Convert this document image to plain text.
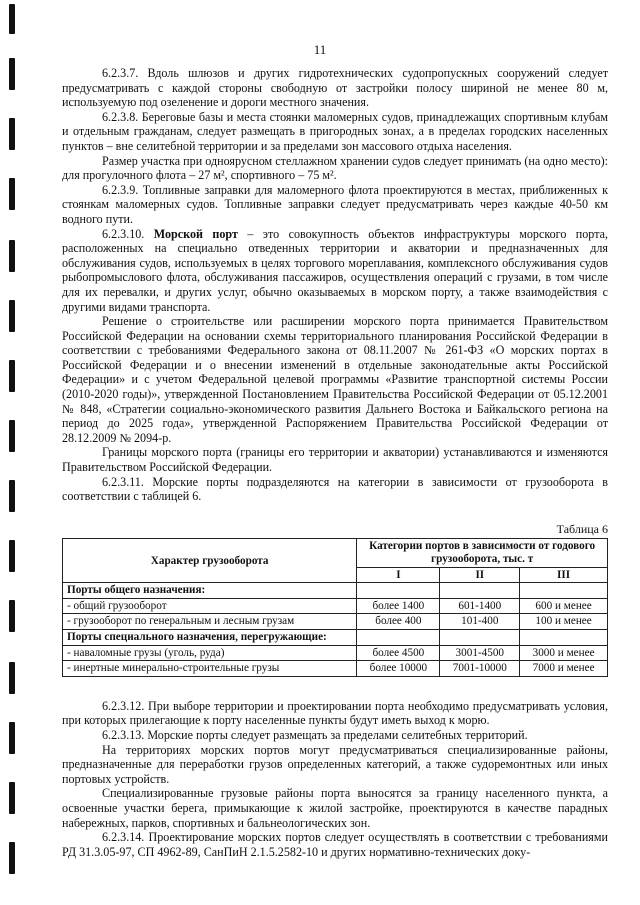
11

6.2.3.7. Вдоль шлюзов и других гидротехнических судопропускных сооружений следует предусматривать с каждой стороны свободную от застройки полосу шириной не менее 80 м, используемую под озеленение и дороги местного значения.

6.2.3.8. Береговые базы и места стоянки маломерных судов, принадлежащих спортивным клубам и отдельным гражданам, следует размещать в пригородных зонах, а в пределах городских населенных пунктов – вне селитебной территории и за пределами зон массового отдыха населения.

Размер участка при одноярусном стеллажном хранении судов следует принимать (на одно место): для прогулочного флота – 27 м², спортивного – 75 м².

6.2.3.9. Топливные заправки для маломерного флота проектируются в местах, приближенных к стоянкам маломерных судов. Топливные заправки следует предусматривать через каждые 40-50 км водного пути.

6.2.3.10. Морской порт – это совокупность объектов инфраструктуры морского порта, расположенных на специально отведенных территории и акватории и предназначенных для обслуживания судов, используемых в целях торгового мореплавания, комплексного обслуживания судов рыбопромыслового флота, обслуживания пассажиров, осуществления операций с грузами, в том числе для их перевалки, и других услуг, обычно оказываемых в морском порту, а также взаимодействия с другими видами транспорта.

Решение о строительстве или расширении морского порта принимается Правительством Российской Федерации на основании схемы территориального планирования Российской Федерации в соответствии с требованиями Федерального закона от 08.11.2007 № 261-ФЗ «О морских портах в Российской Федерации и о внесении изменений в отдельные законодательные акты Российской Федерации» и с учетом Федеральной целевой программы «Развитие транспортной системы России (2010-2020 годы)», утвержденной Постановлением Правительства Российской Федерации от 05.12.2001 № 848, «Стратегии социально-экономического развития Дальнего Востока и Байкальского региона на период до 2025 года», утвержденной Распоряжением Правительства Российской Федерации от 28.12.2009 № 2094-р.

Границы морского порта (границы его территории и акватории) устанавливаются и изменяются Правительством Российской Федерации.

6.2.3.11. Морские порты подразделяются на категории в зависимости от грузооборота в соответствии с таблицей 6.

Таблица 6
Характер грузооборота	Категории портов в зависимости от годового грузооборота, тыс. т		
	I	II	III
Порты общего назначения:			
- общий грузооборот	более 1400	601-1400	600 и менее
- грузооборот по генеральным и лесным грузам	более 400	101-400	100 и менее
Порты специального назначения, перегружающие:			
- наваломные грузы (уголь, руда)	более 4500	3001-4500	3000 и менее
- инертные минерально-строительные грузы	более 10000	7001-10000	7000 и менее

6.2.3.12. При выборе территории и проектировании порта необходимо предусматривать условия, при которых прилегающие к порту населенные пункты будут иметь выход к морю.

6.2.3.13. Морские порты следует размещать за пределами селитебных территорий.

На территориях морских портов могут предусматриваться специализированные районы, предназначенные для переработки грузов определенных категорий, а также судоремонтных или иных портовых устройств.

Специализированные грузовые районы порта выносятся за границу населенного пункта, а освоенные участки берега, примыкающие к жилой застройке, проектируются в качестве парадных набережных, парков, спортивных и бальнеологических зон.

6.2.3.14. Проектирование морских портов следует осуществлять в соответствии с требованиями РД 31.3.05-97, СП 4962-89, СанПиН 2.1.5.2582-10 и других нормативно-технических доку-
